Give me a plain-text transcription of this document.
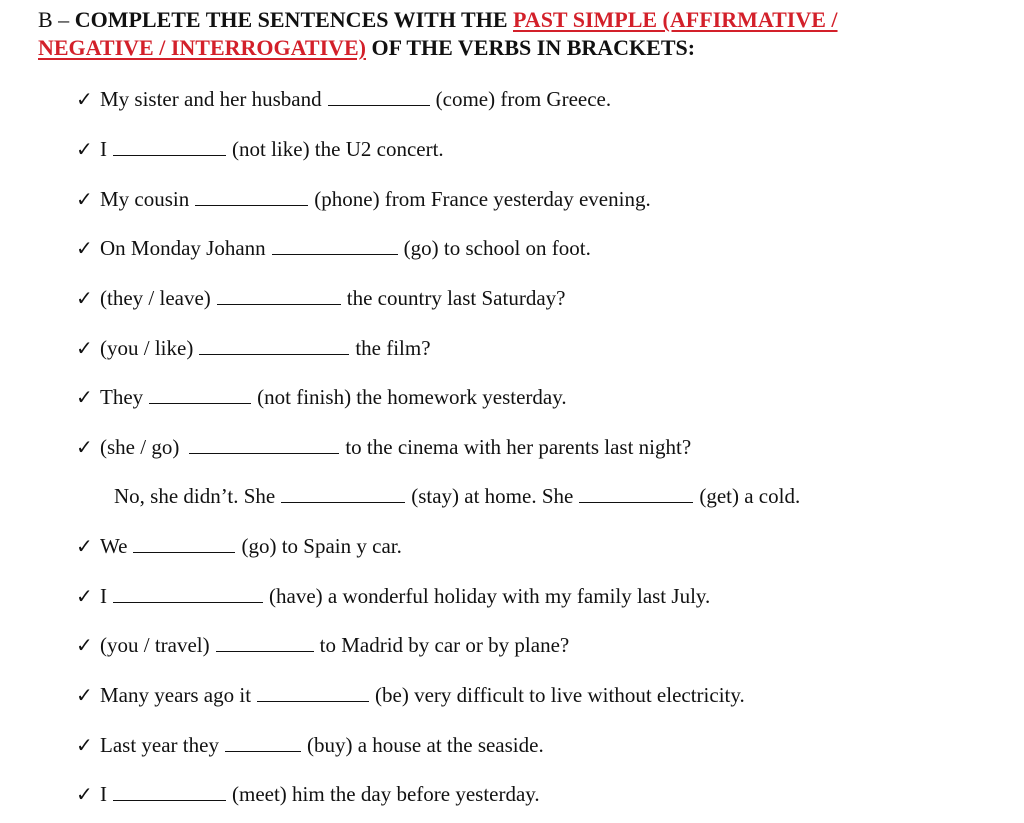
B – COMPLETE THE SENTENCES WITH THE PAST SIMPLE (AFFIRMATIVE /
NEGATIVE / INTERROGATIVE) OF THE VERBS IN BRACKETS:
✓ My sister and her husband	(come) from Greece.
✓ I	(not like) the U2 concert.
✓ My cousin	(phone) from France yesterday evening.
✓ On Monday Johann	(go) to school on foot.
✓ (they / leave)	the country last Saturday?
✓ (you / like)	the film?
✓ They	(not finish) the homework yesterday.
✓ (she / go)	to the cinema with her parents last night?
No, she didn’t. She	(stay) at home. She	(get) a cold.
✓ We	(go) to Spain y car.
✓ I	(have) a wonderful holiday with my family last July.
✓ (you / travel)	to Madrid by car or by plane?
✓ Many years ago it	(be) very difficult to live without electricity.
✓ Last year they	(buy) a house at the seaside.
✓ I	(meet) him the day before yesterday.
